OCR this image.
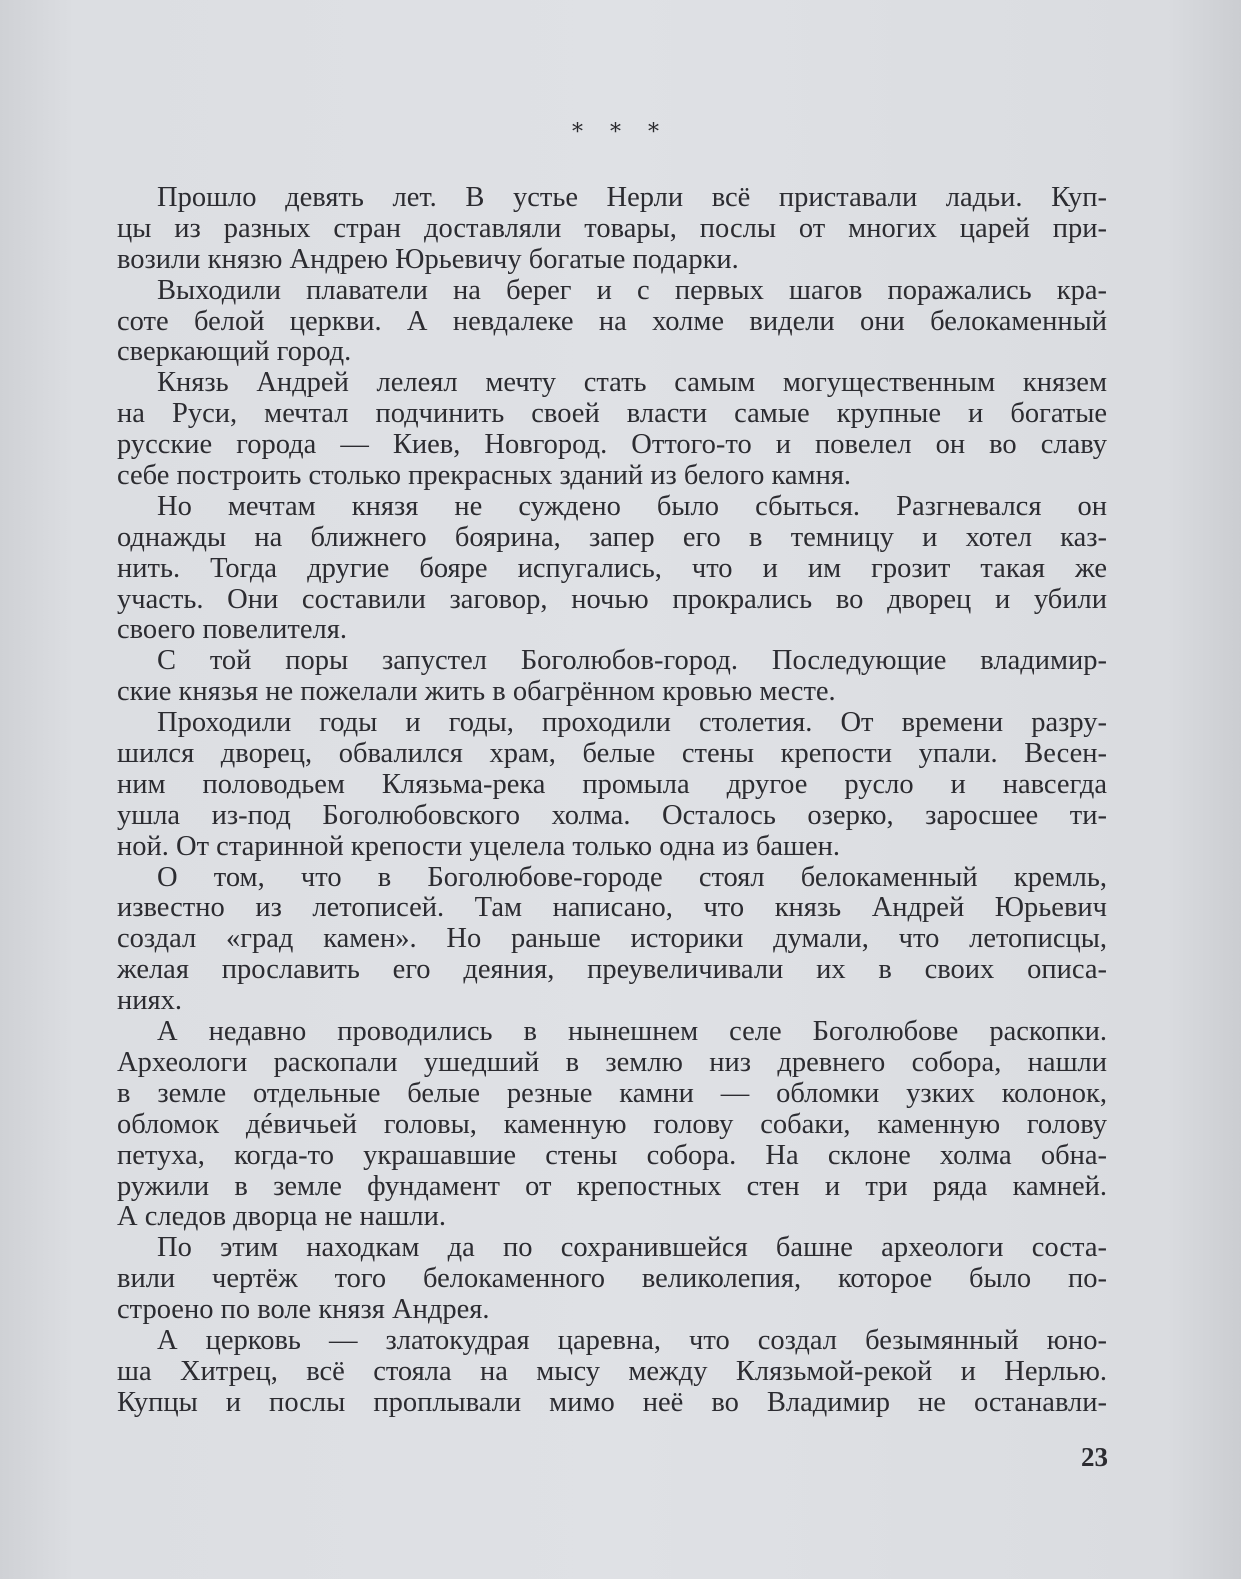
* * *
Прошло девять лет. В устье Нерли всё приставали ладьи. Куп-
цы из разных стран доставляли товары, послы от многих царей при-
возили князю Андрею Юрьевичу богатые подарки.
Выходили плаватели на берег и с первых шагов поражались кра-
соте белой церкви. А невдалеке на холме видели они белокаменный
сверкающий город.
Князь Андрей лелеял мечту стать самым могущественным князем
на Руси, мечтал подчинить своей власти самые крупные и богатые
русские города — Киев, Новгород. Оттого-то и повелел он во славу
себе построить столько прекрасных зданий из белого камня.
Но мечтам князя не суждено было сбыться. Разгневался он
однажды на ближнего боярина, запер его в темницу и хотел каз-
нить. Тогда другие бояре испугались, что и им грозит такая же
участь. Они составили заговор, ночью прокрались во дворец и убили
своего повелителя.
С той поры запустел Боголюбов-город. Последующие владимир-
ские князья не пожелали жить в обагрённом кровью месте.
Проходили годы и годы, проходили столетия. От времени разру-
шился дворец, обвалился храм, белые стены крепости упали. Весен-
ним половодьем Клязьма-река промыла другое русло и навсегда
ушла из-под Боголюбовского холма. Осталось озерко, заросшее ти-
ной. От старинной крепости уцелела только одна из башен.
О том, что в Боголюбове-городе стоял белокаменный кремль,
известно из летописей. Там написано, что князь Андрей Юрьевич
создал «град камен». Но раньше историки думали, что летописцы,
желая прославить его деяния, преувеличивали их в своих описа-
ниях.
А недавно проводились в нынешнем селе Боголюбове раскопки.
Археологи раскопали ушедший в землю низ древнего собора, нашли
в земле отдельные белые резные камни — обломки узких колонок,
обломок дéвичьей головы, каменную голову собаки, каменную голову
петуха, когда-то украшавшие стены собора. На склоне холма обна-
ружили в земле фундамент от крепостных стен и три ряда камней.
А следов дворца не нашли.
По этим находкам да по сохранившейся башне археологи соста-
вили чертёж того белокаменного великолепия, которое было по-
строено по воле князя Андрея.
А церковь — златокудрая царевна, что создал безымянный юно-
ша Хитрец, всё стояла на мысу между Клязьмой-рекой и Нерлью.
Купцы и послы проплывали мимо неё во Владимир не останавли-
23
